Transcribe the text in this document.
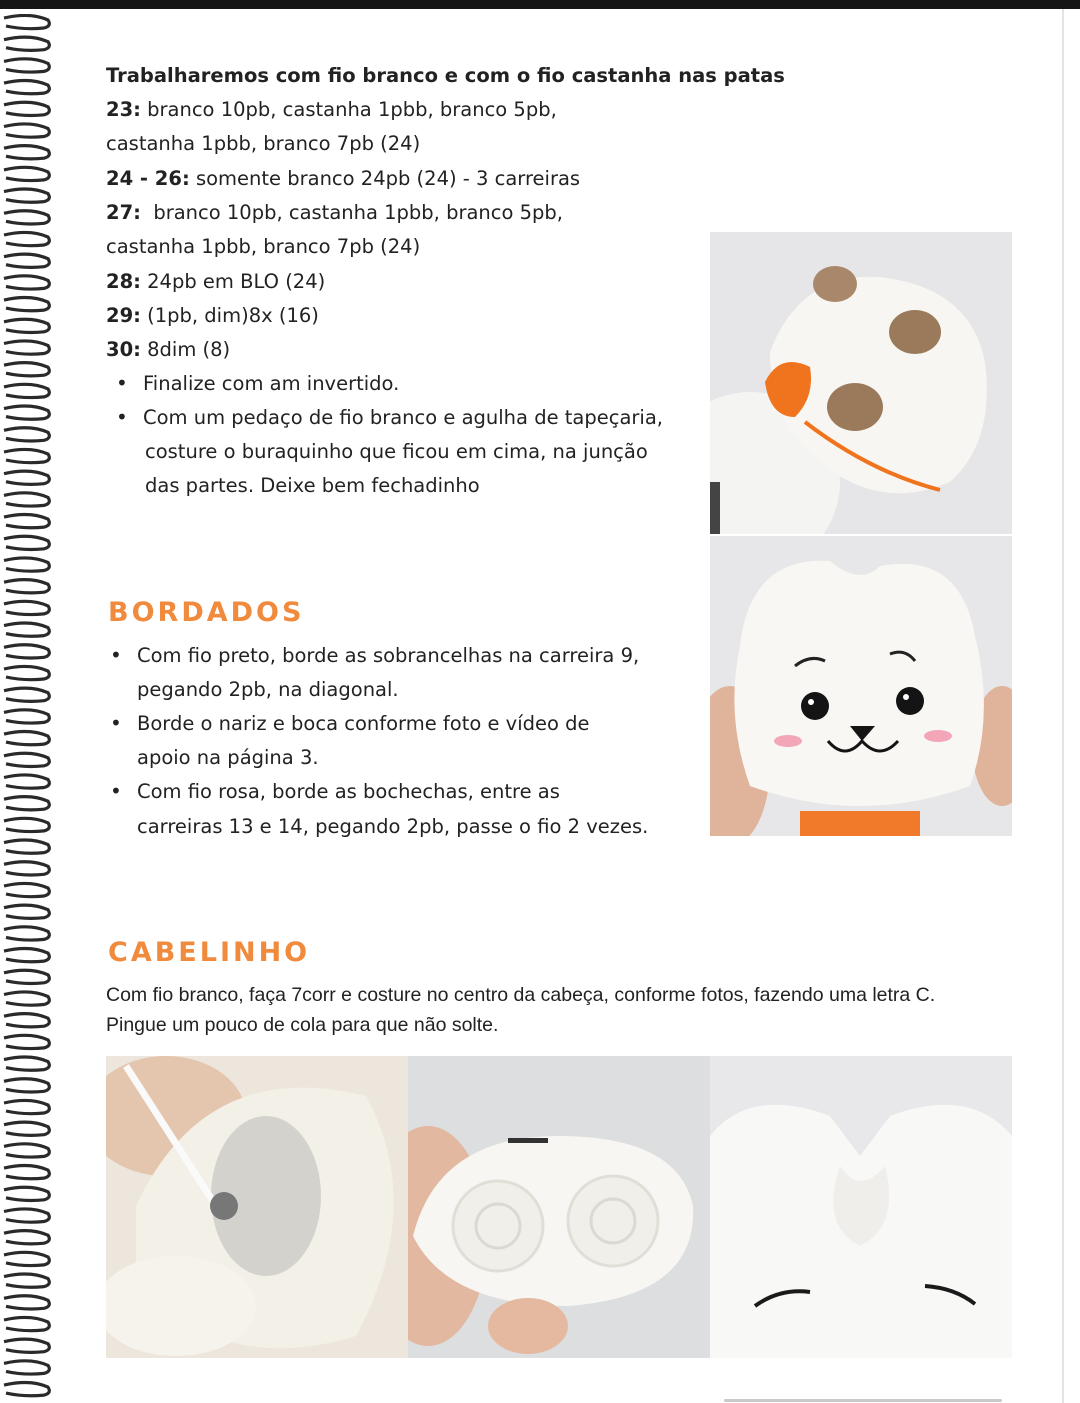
Trabalharemos com fio branco e com o fio castanha nas patas
23: branco 10pb, castanha 1pbb, branco 5pb,
castanha 1pbb, branco 7pb (24)
24 - 26: somente branco 24pb (24) - 3 carreiras
27:  branco 10pb, castanha 1pbb, branco 5pb,
castanha 1pbb, branco 7pb (24)
28: 24pb em BLO (24)
29: (1pb, dim)8x (16)
30: 8dim (8)
• Finalize com am invertido.
• Com um pedaço de fio branco e agulha de tapeçaria,
costure o buraquinho que ficou em cima, na junção
das partes. Deixe bem fechadinho
BORDADOS
• Com fio preto, borde as sobrancelhas na carreira 9,
pegando 2pb, na diagonal.
• Borde o nariz e boca conforme foto e vídeo de
apoio na página 3.
• Com fio rosa, borde as bochechas, entre as
carreiras 13 e 14, pegando 2pb, passe o fio 2 vezes.
CABELINHO
Com fio branco, faça 7corr e costure no centro da cabeça, conforme fotos, fazendo uma letra C.
Pingue um pouco de cola para que não solte.
